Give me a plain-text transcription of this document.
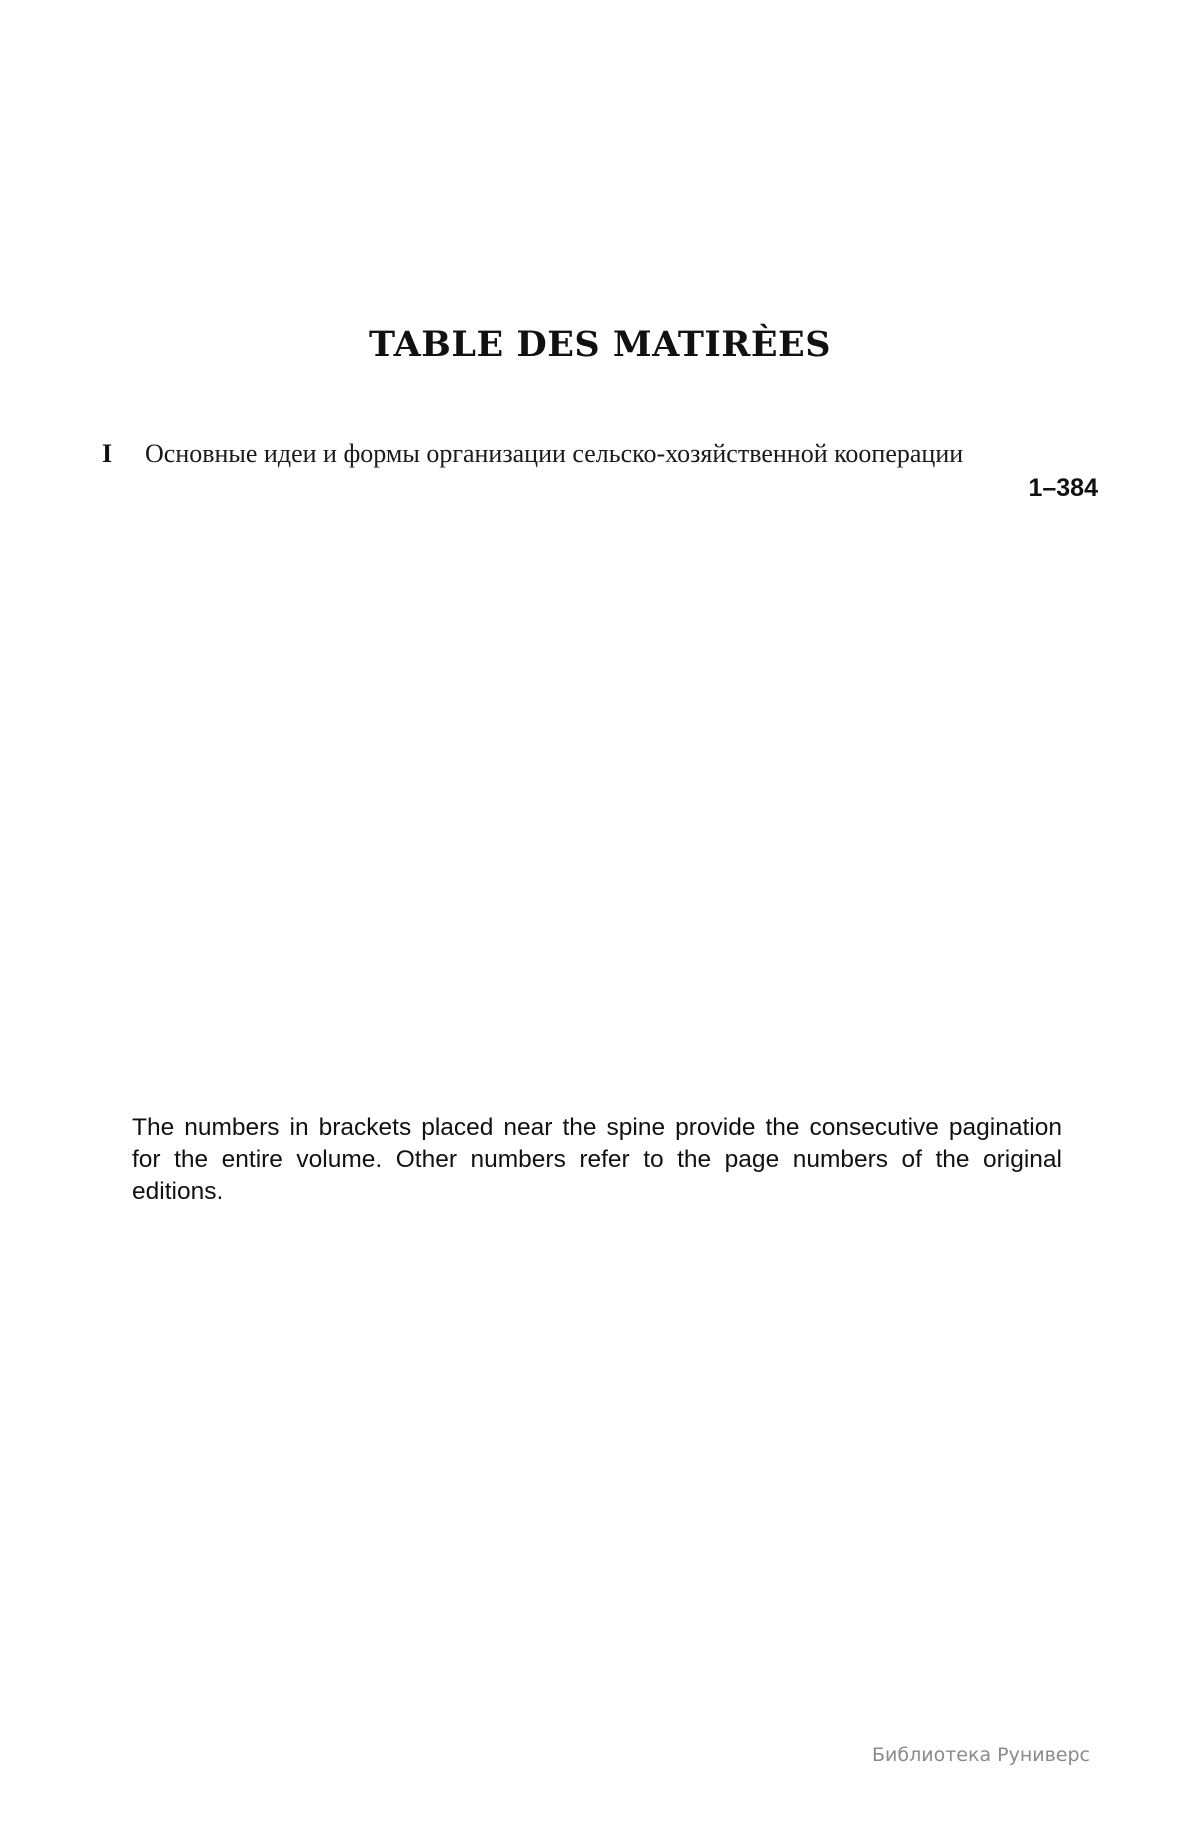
TABLE DES MATIRÈES
I	Основные идеи и формы организации сельско-хозяйственной кооперации
1–384

The numbers in brackets placed near the spine provide the consecutive pagination for the entire volume. Other numbers refer to the page numbers of the original editions.

Библиотека Руниверс
